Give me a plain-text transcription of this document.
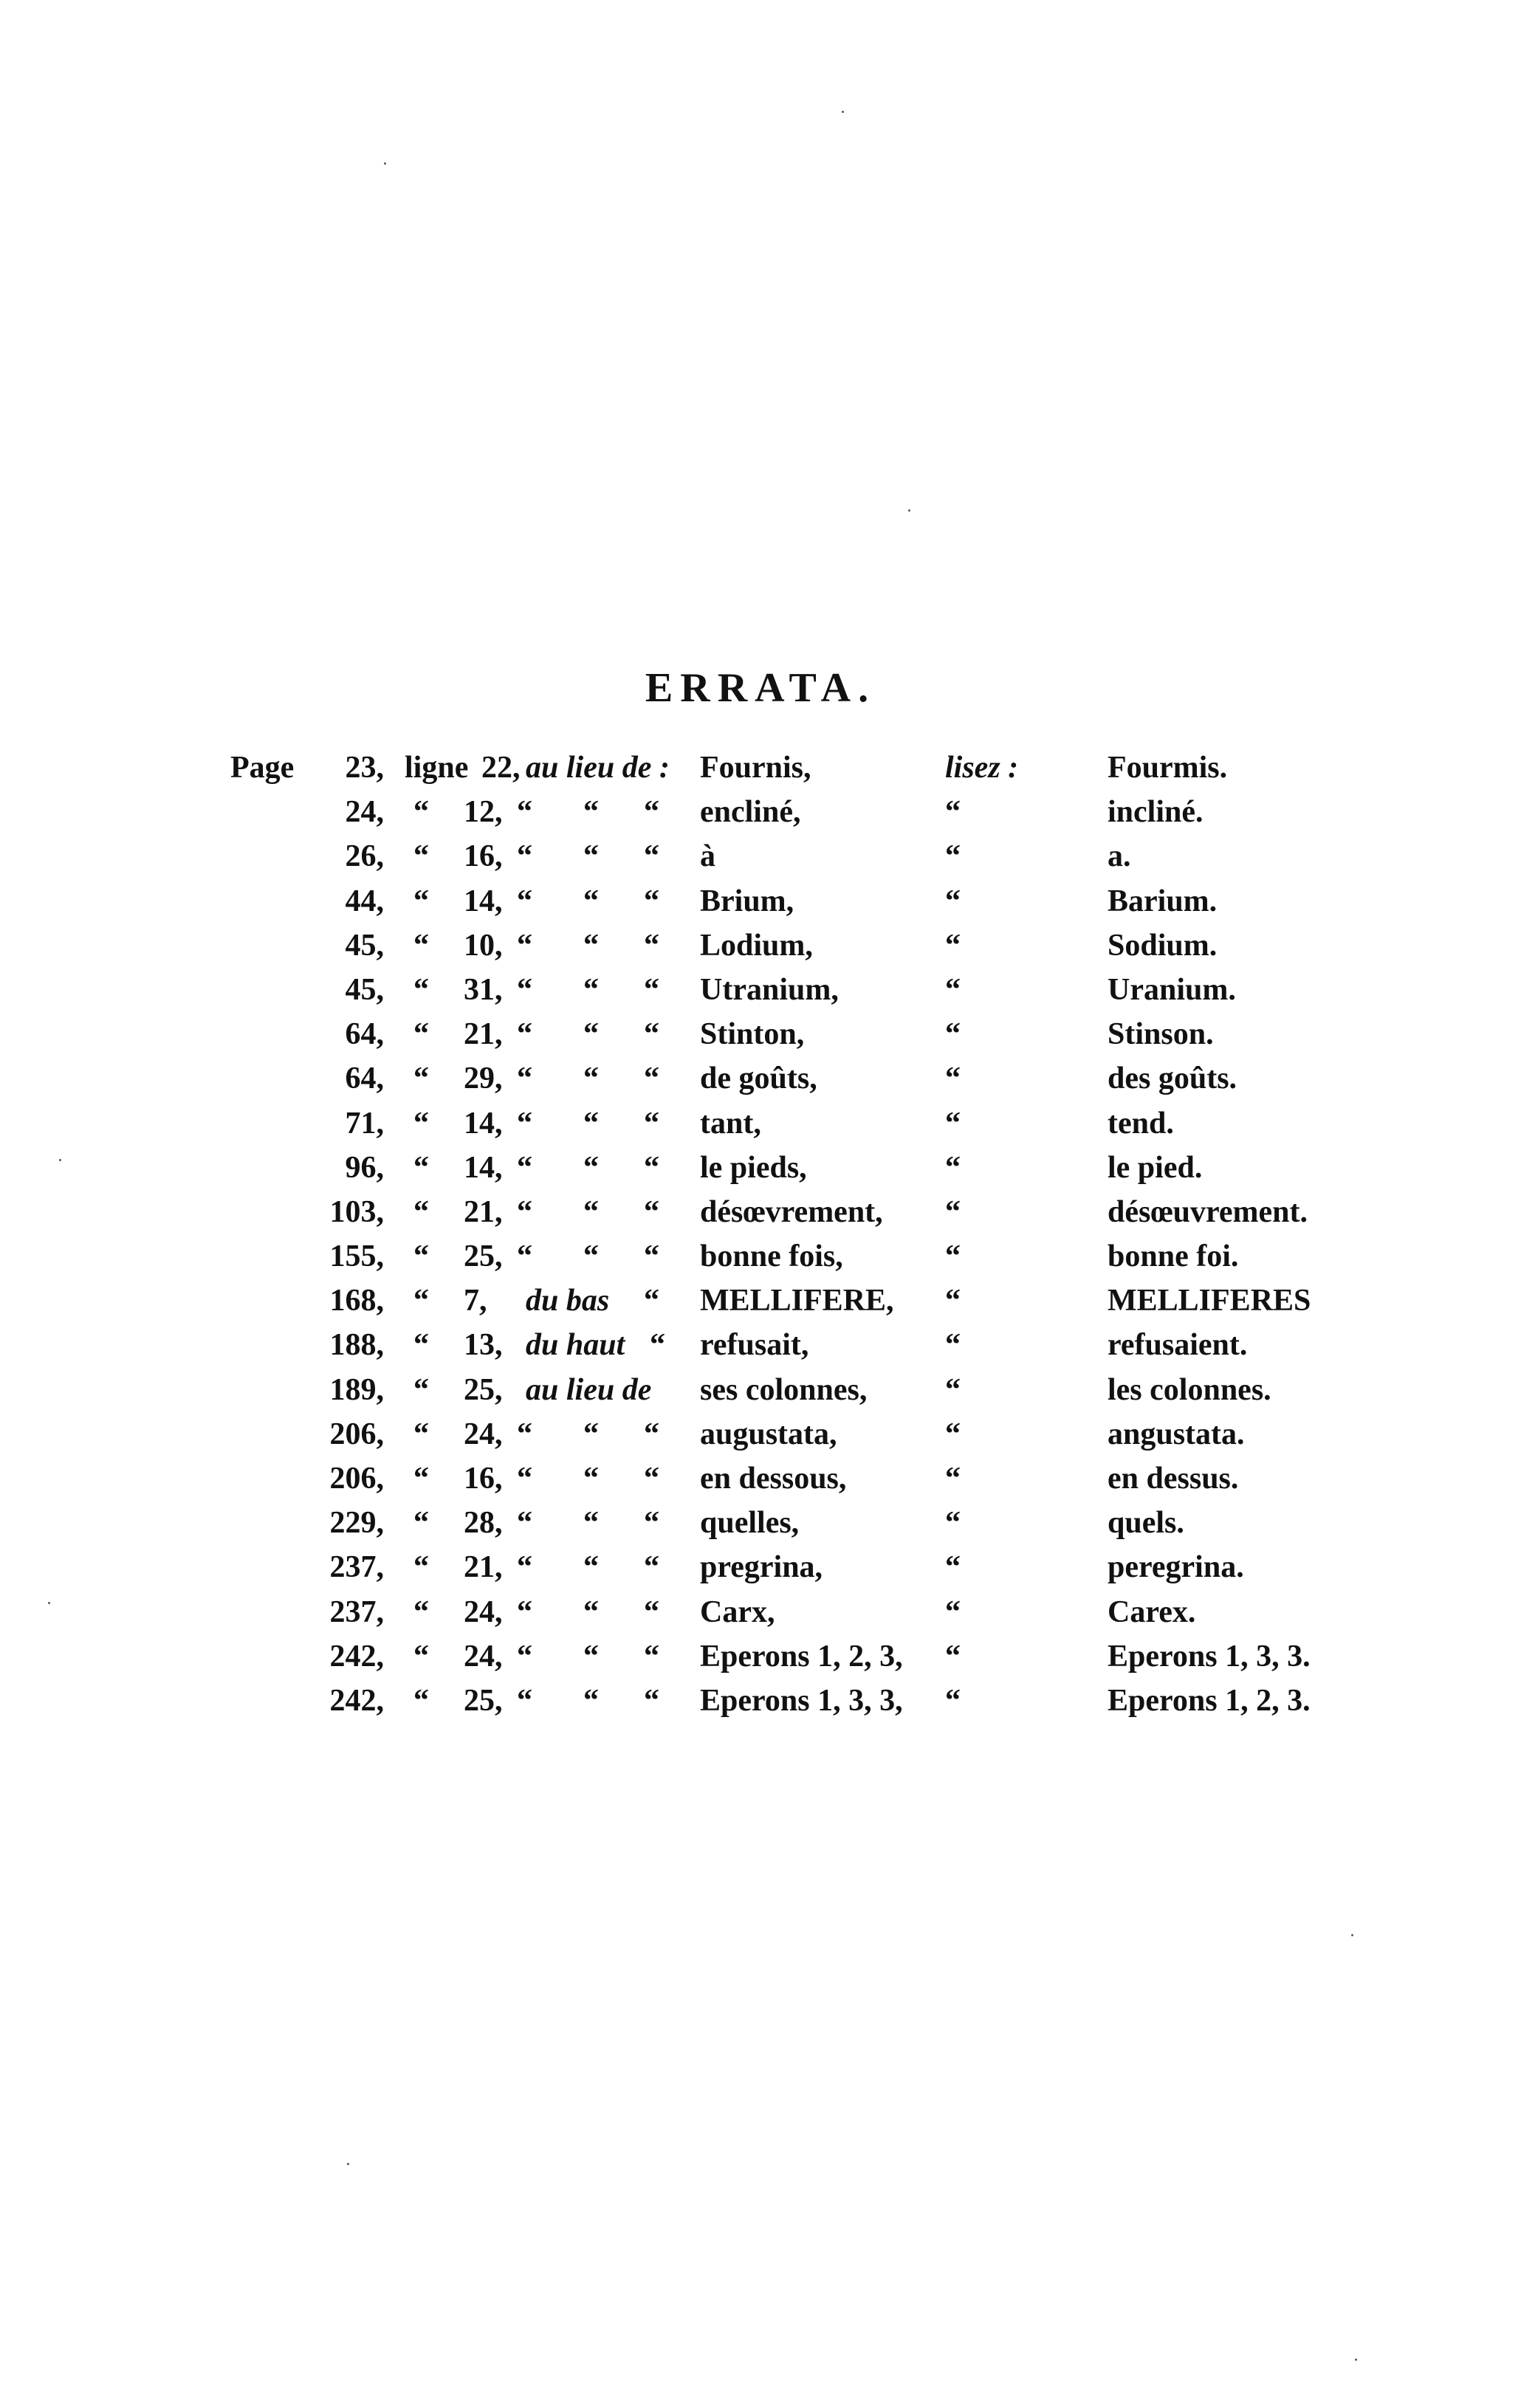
ERRATA.
Page 23, ligne 22, au lieu de : Fournis,	lisez :	Fourmis.
24, “ 12, “ “ “ encliné,	“	incliné.
26, “ 16, “ “ “ à	“	a.
44, “ 14, “ “ “ Brium,	“	Barium.
45, “ 10, “ “ “ Lodium,	“	Sodium.
45, “ 31, “ “ “ Utranium,	“	Uranium.
64, “ 21, “ “ “ Stinton,	“	Stinson.
64, “ 29, “ “ “ de goûts,	“	des goûts.
71, “ 14, “ “ “ tant,	“	tend.
96, “ 14, “ “ “ le pieds,	“	le pied.
103, “ 21, “ “ “ désœvrement, “	désœuvrement.
155, “ 25, “ “ “ bonne fois,	“	bonne foi.
168, “ 7, du bas “ MELLIFERE, “	MELLIFERES
188, “ 13, du haut “ refusait,	“	refusaient.
189, “ 25, au lieu de ses colonnes,	“	les colonnes.
206, “ 24, “ “ “ augustata,	“	angustata.
206, “ 16, “ “ “ en dessous,	“	en dessus.
229, “ 28, “ “ “ quelles,	“	quels.
237, “ 21, “ “ “ pregrina,	“	peregrina.
237, “ 24, “ “ “ Carx,	“	Carex.
242, “ 24, “ “ “ Eperons 1, 2, 3, “	Eperons 1, 3, 3.
242, “ 25, “ “ “ Eperons 1, 3, 3, “	Eperons 1, 2, 3.
